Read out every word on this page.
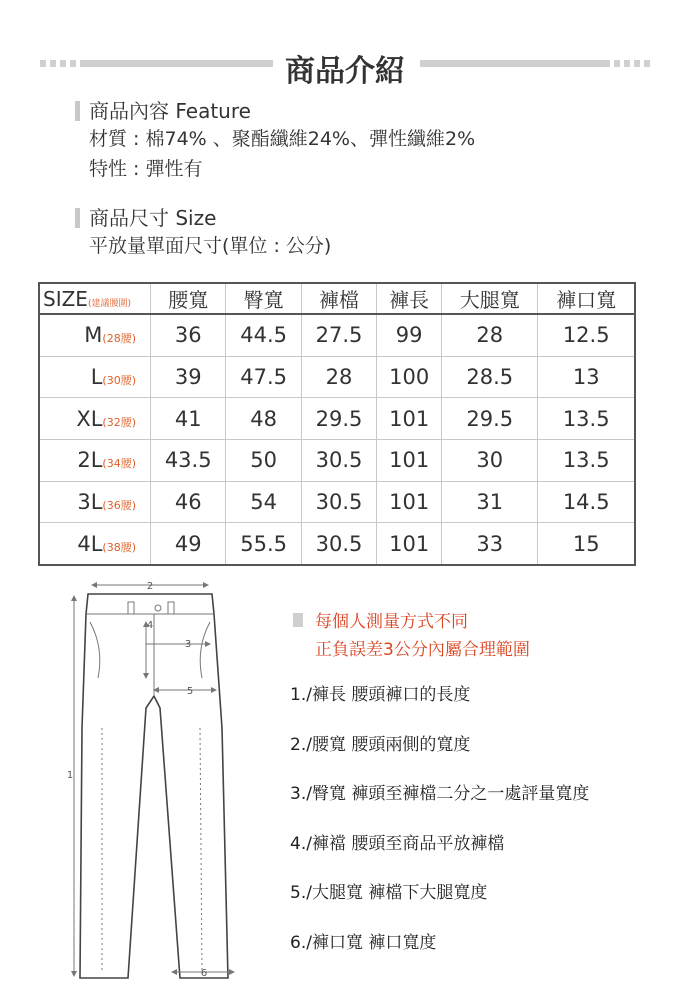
商品介紹
商品內容 Feature
材質 : 棉74% 、聚酯纖維24%、彈性纖維2%
特性 : 彈性有
商品尺寸 Size
平放量單面尺寸(單位 : 公分)
SIZE(建議腰圍)	腰寬	臀寬	褲檔	褲長	大腿寬	褲口寬
M(28腰)	36	44.5	27.5	99	28	12.5
L(30腰)	39	47.5	28	100	28.5	13
XL(32腰)	41	48	29.5	101	29.5	13.5
2L(34腰)	43.5	50	30.5	101	30	13.5
3L(36腰)	46	54	30.5	101	31	14.5
4L(38腰)	49	55.5	30.5	101	33	15
2
1
3
4
5
6
每個人測量方式不同
正負誤差3公分內屬合理範圍
1./褲長 腰頭褲口的長度
2./腰寬 腰頭兩側的寬度
3./臀寬 褲頭至褲檔二分之一處評量寬度
4./褲襠 腰頭至商品平放褲檔
5./大腿寬 褲檔下大腿寬度
6./褲口寬 褲口寬度
